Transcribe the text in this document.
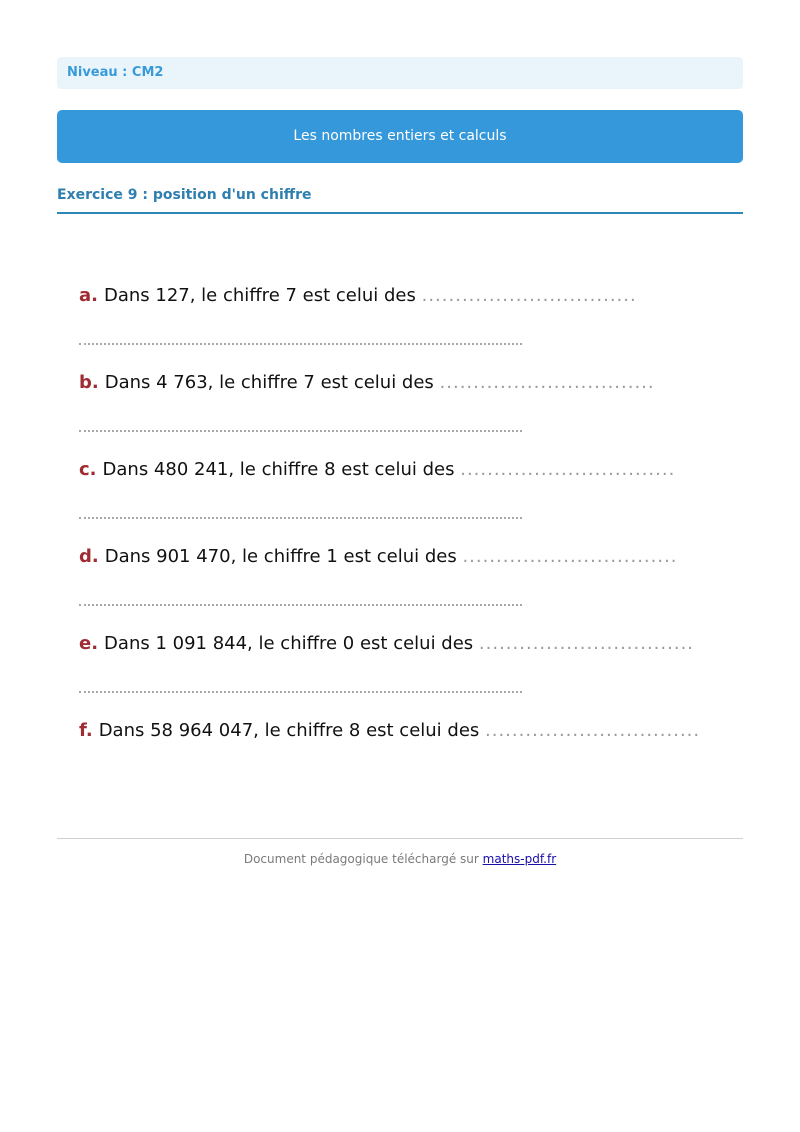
Niveau : CM2
Les nombres entiers et calculs
Exercice 9 : position d'un chiffre
a. Dans 127, le chiffre 7 est celui des ................................
b. Dans 4 763, le chiffre 7 est celui des ................................
c. Dans 480 241, le chiffre 8 est celui des ................................
d. Dans 901 470, le chiffre 1 est celui des ................................
e. Dans 1 091 844, le chiffre 0 est celui des ................................
f. Dans 58 964 047, le chiffre 8 est celui des ................................
Document pédagogique téléchargé sur maths-pdf.fr
